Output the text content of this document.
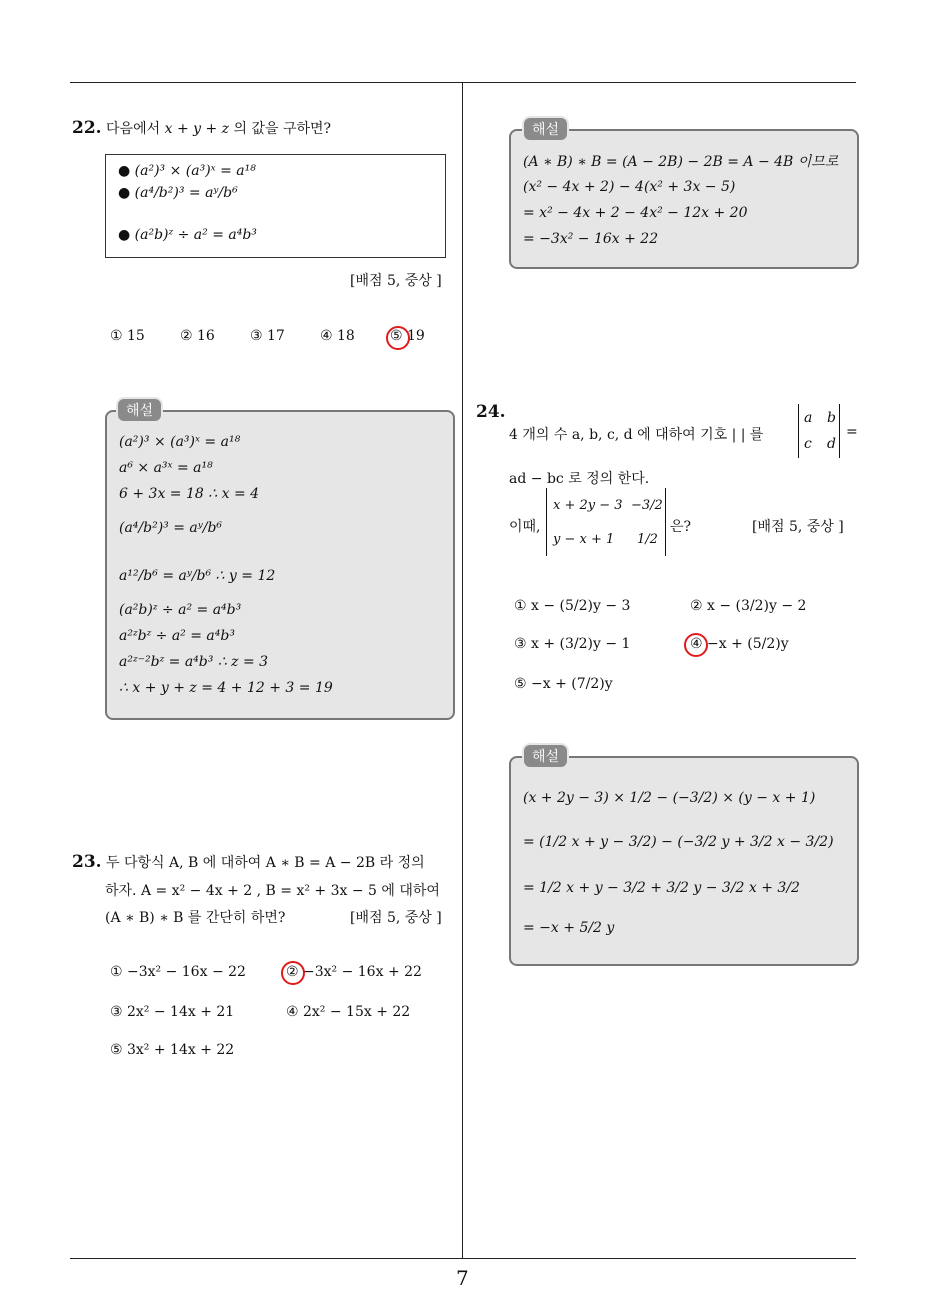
7
22. 다음에서 x + y + z 의 값을 구하면?
● (a²)³ × (a³)ˣ = a¹⁸
● (a⁴/b²)³ = aʸ/b⁶
● (a²b)ᶻ ÷ a² = a⁴b³
[배점 5, 중상 ]
① 15	② 16	③ 17	④ 18	⑤ 19
(a²)³ × (a³)ˣ = a¹⁸
a⁶ × a³ˣ = a¹⁸
6 + 3x = 18 ∴ x = 4
(a⁴/b²)³ = aʸ/b⁶
a¹²/b⁶ = aʸ/b⁶ ∴ y = 12
(a²b)ᶻ ÷ a² = a⁴b³
a²ᶻbᶻ ÷ a² = a⁴b³
a²ᶻ⁻²bᶻ = a⁴b³ ∴ z = 3
∴ x + y + z = 4 + 12 + 3 = 19
해설
23. 두 다항식 A, B 에 대하여 A ∗ B = A − 2B 라 정의
하자. A = x² − 4x + 2 , B = x² + 3x − 5 에 대하여
(A ∗ B) ∗ B 를 간단히 하면?	[배점 5, 중상 ]
① −3x² − 16x − 22	② −3x² − 16x + 22
③ 2x² − 14x + 21	④ 2x² − 15x + 22
⑤ 3x² + 14x + 22
(A ∗ B) ∗ B = (A − 2B) − 2B = A − 4B 이므로
(x² − 4x + 2) − 4(x² + 3x − 5)
= x² − 4x + 2 − 4x² − 12x + 20
= −3x² − 16x + 22
해설
24.
4 개의 수 a, b, c, d 에 대하여 기호 | | 를
a b
c d
=
ad − bc 로 정의 한다.
이때,
x + 2y − 3 −3/2
y − x + 1 1/2
은?	[배점 5, 중상 ]
① x − (5/2)y − 3	② x − (3/2)y − 2
③ x + (3/2)y − 1	④ −x + (5/2)y
⑤ −x + (7/2)y
(x + 2y − 3) × 1/2 − (−3/2) × (y − x + 1)
= (1/2 x + y − 3/2) − (−3/2 y + 3/2 x − 3/2)
= 1/2 x + y − 3/2 + 3/2 y − 3/2 x + 3/2
= −x + 5/2 y
해설
